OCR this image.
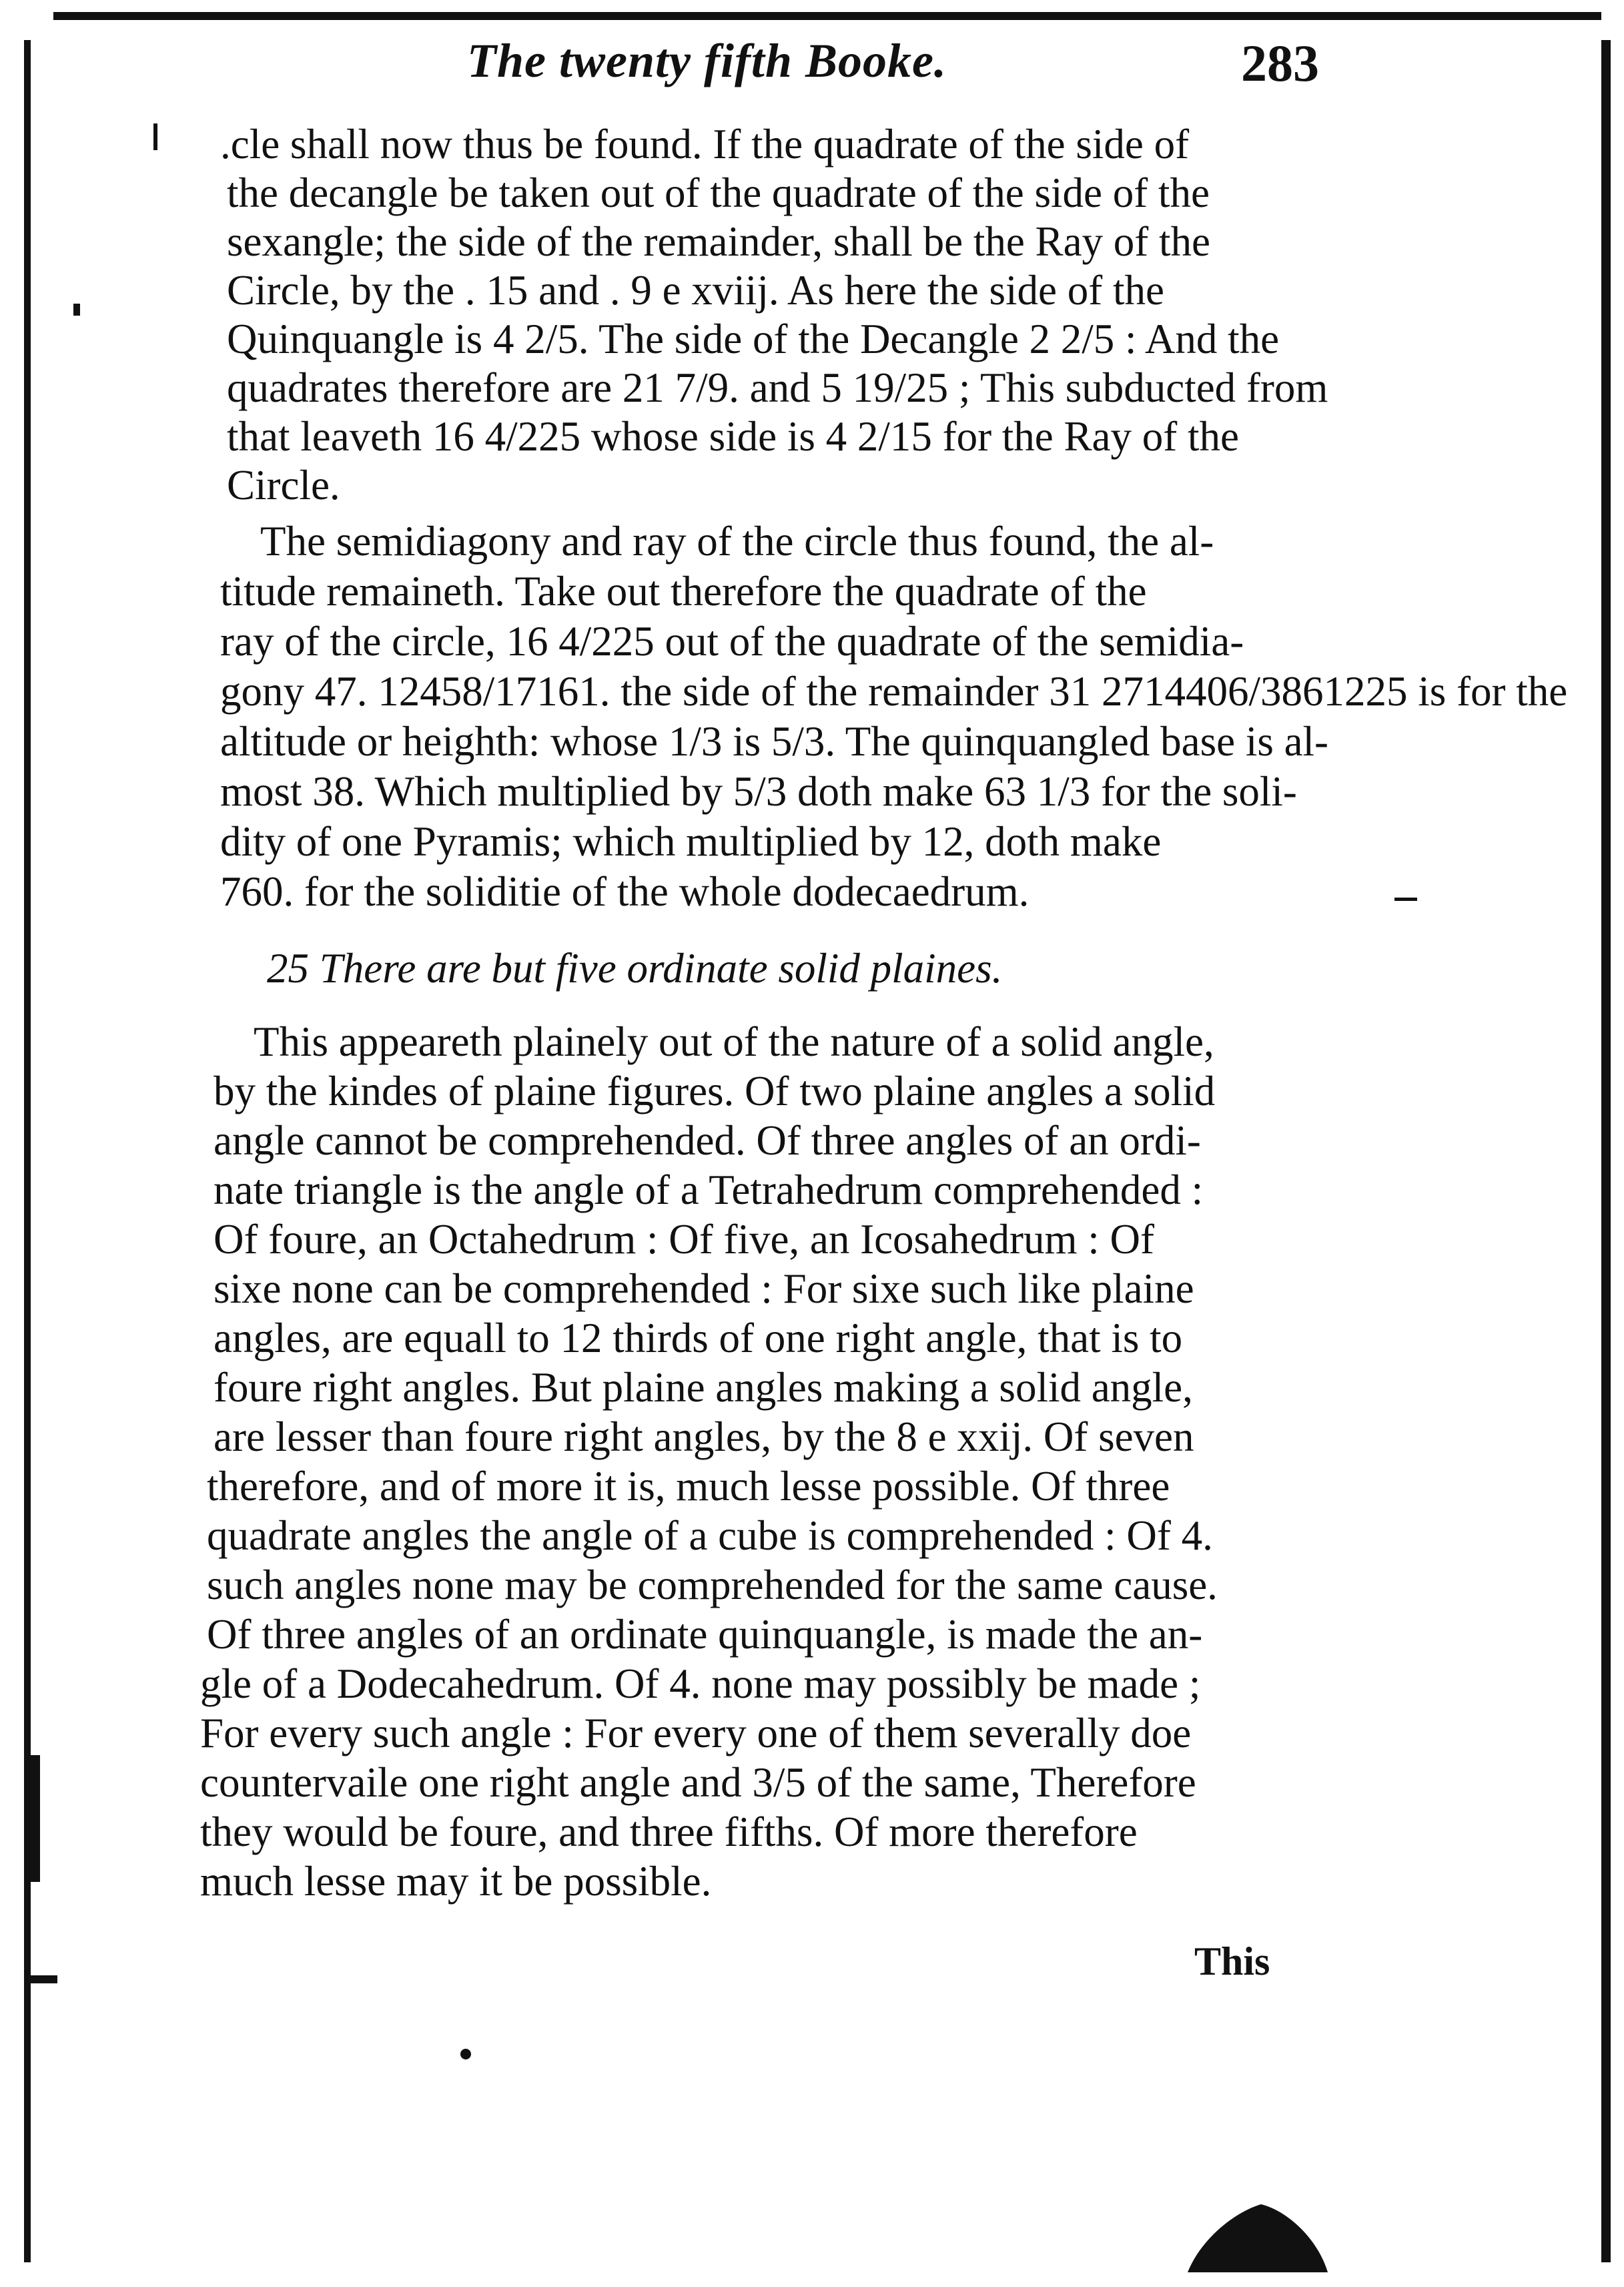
The twenty fifth Booke.	283
.cle shall now thus be found. If the quadrate of the side of
the decangle be taken out of the quadrate of the side of the
sexangle; the side of the remainder, shall be the Ray of the
Circle, by the . 15 and . 9 e xviij. As here the side of the
Quinquangle is 4 2/5. The side of the Decangle 2 2/5 : And the
quadrates therefore are 21 7/9. and 5 19/25 ; This subducted from
that leaveth 16 4/225 whose side is 4 2/15 for the Ray of the
Circle.
The semidiagony and ray of the circle thus found, the al-
titude remaineth. Take out therefore the quadrate of the
ray of the circle, 16 4/225 out of the quadrate of the semidia-
gony 47. 12458/17161. the side of the remainder 31 2714406/3861225 is for the
altitude or heighth: whose 1/3 is 5/3. The quinquangled base is al-
most 38. Which multiplied by 5/3 doth make 63 1/3 for the soli-
dity of one Pyramis; which multiplied by 12, doth make
760. for the soliditie of the whole dodecaedrum.
25 There are but five ordinate solid plaines.
This appeareth plainely out of the nature of a solid angle,
by the kindes of plaine figures. Of two plaine angles a solid
angle cannot be comprehended. Of three angles of an ordi-
nate triangle is the angle of a Tetrahedrum comprehended :
Of foure, an Octahedrum : Of five, an Icosahedrum : Of
sixe none can be comprehended : For sixe such like plaine
angles, are equall to 12 thirds of one right angle, that is to
foure right angles. But plaine angles making a solid angle,
are lesser than foure right angles, by the 8 e xxij. Of seven
therefore, and of more it is, much lesse possible. Of three
quadrate angles the angle of a cube is comprehended : Of 4.
such angles none may be comprehended for the same cause.
Of three angles of an ordinate quinquangle, is made the an-
gle of a Dodecahedrum. Of 4. none may possibly be made ;
For every such angle : For every one of them severally doe
countervaile one right angle and 3/5 of the same, Therefore
they would be foure, and three fifths. Of more therefore
much lesse may it be possible.
This
